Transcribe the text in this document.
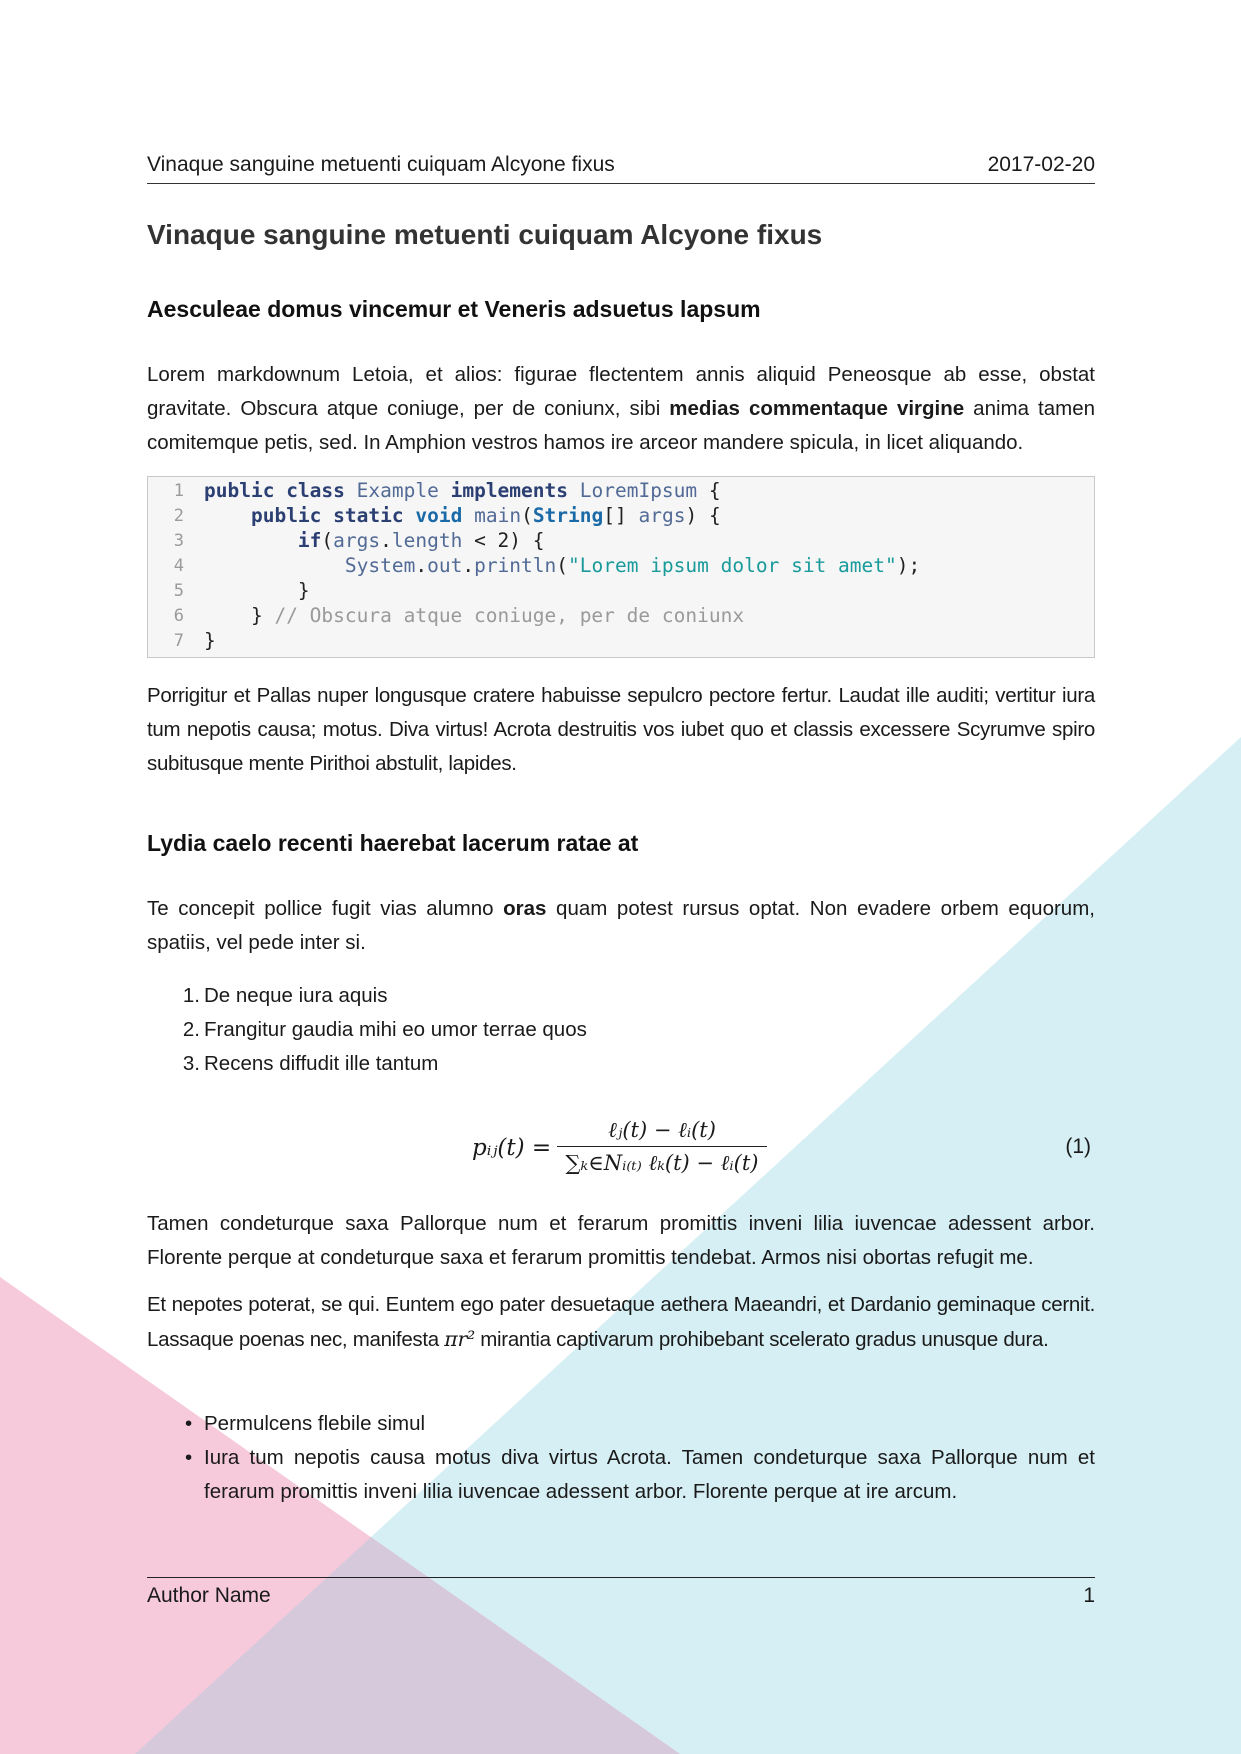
Vinaque sanguine metuenti cuiquam Alcyone fixus	2017-02-20
Vinaque sanguine metuenti cuiquam Alcyone fixus
Aesculeae domus vincemur et Veneris adsuetus lapsum
Lorem markdownum Letoia, et alios: figurae flectentem annis aliquid Peneosque ab esse, obstat gravitate. Obscura atque coniuge, per de coniunx, sibi medias commentaque virgine anima tamen comitemque petis, sed. In Amphion vestros hamos ire arceor mandere spicula, in licet aliquando.
1
2
3
4
5
6
7
public class Example implements LoremIpsum {
public static void main(String[] args) {
if(args.length < 2) {
System.out.println("Lorem ipsum dolor sit amet");
}
} // Obscura atque coniuge, per de coniunx
}
Porrigitur et Pallas nuper longusque cratere habuisse sepulcro pectore fertur. Laudat ille auditi; vertitur iura tum nepotis causa; motus. Diva virtus! Acrota destruitis vos iubet quo et classis excessere Scyrumve spiro subitusque mente Pirithoi abstulit, lapides.
Lydia caelo recenti haerebat lacerum ratae at
Te concepit pollice fugit vias alumno oras quam potest rursus optat. Non evadere orbem equorum, spatiis, vel pede inter si.
1. De neque iura aquis
2. Frangitur gaudia mihi eo umor terrae quos
3. Recens diffudit ille tantum
pᵢⱼ(t) =
ℓⱼ(t) − ℓᵢ(t)
∑ₖ∈Nᵢ₍ₜ₎ ℓₖ(t) − ℓᵢ(t)
(1)
Tamen condeturque saxa Pallorque num et ferarum promittis inveni lilia iuvencae adessent arbor. Florente perque at condeturque saxa et ferarum promittis tendebat. Armos nisi obortas refugit me.
Et nepotes poterat, se qui. Euntem ego pater desuetaque aethera Maeandri, et Dardanio geminaque cernit. Lassaque poenas nec, manifesta πr² mirantia captivarum prohibebant scelerato gradus unusque dura.
• Permulcens flebile simul
• Iura tum nepotis causa motus diva virtus Acrota. Tamen condeturque saxa Pallorque num et ferarum promittis inveni lilia iuvencae adessent arbor. Florente perque at ire arcum.
Author Name	1
